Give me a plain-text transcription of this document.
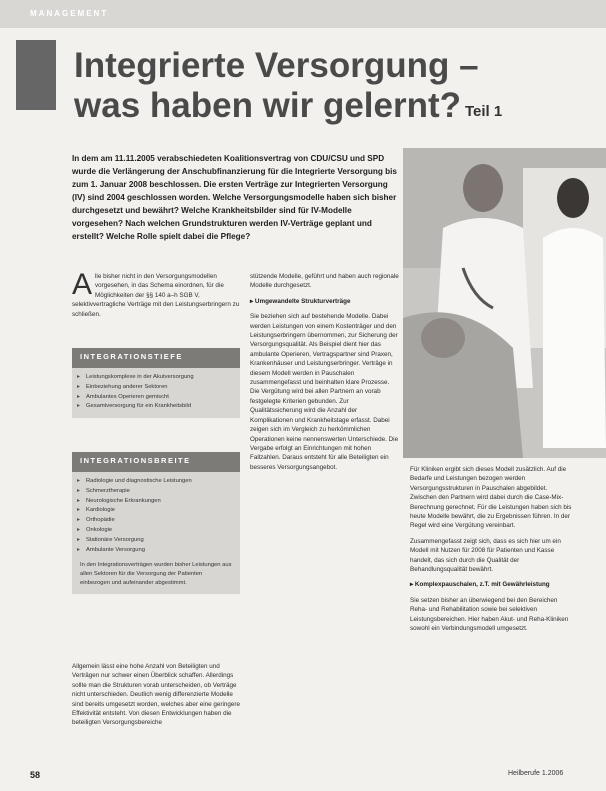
MANAGEMENT
Integrierte Versorgung –
was haben wir gelernt? Teil 1
In dem am 11.11.2005 verabschiedeten Koalitionsvertrag von CDU/CSU und SPD wurde die Verlängerung der Anschubfinanzierung für die Integrierte Versorgung bis zum 1. Januar 2008 beschlossen. Die ersten Verträge zur Integrierten Versorgung (IV) sind 2004 geschlossen worden. Welche Versorgungsmodelle haben sich bisher durchgesetzt und bewährt? Welche Krankheitsbilder sind für IV-Modelle vorgesehen? Nach welchen Grundstrukturen werden IV-Verträge geplant und erstellt? Welche Rolle spielt dabei die Pflege?
A lle bisher nicht in den Versorgungsmodellen vorgesehen, in das Schema einordnen, für die Möglichkeiten der §§ 140 a–h SGB V, selektivvertragliche Verträge mit den Leistungserbringern zu schließen.
INTEGRATIONSTIEFE
▸ Leistungskomplexe in der Akutversorgung
▸ Einbeziehung anderer Sektoren
▸ Ambulantes Operieren gemischt
▸ Gesamtversorgung für ein Krankheitsbild
INTEGRATIONSBREITE
▸ Radiologie und diagnostische Leistungen
▸ Schmerztherapie
▸ Neurologische Erkrankungen
▸ Kardiologie
▸ Orthopädie
▸ Onkologie
▸ Stationäre Versorgung
▸ Ambulante Versorgung
In den Integrationsverträgen wurden bisher Leistungen aus allen Sektoren für die Versorgung der Patienten einbezogen und aufeinander abgestimmt.
Allgemein lässt eine hohe Anzahl von Beteiligten und Verträgen nur schwer einen Überblick schaffen. Allerdings sollte man die Strukturen vorab unterscheiden, ob Verträge nicht unterschieden. Deutlich wenig differenzierte Modelle sind bereits umgesetzt worden, welches aber eine geringere Effektivität entsteht. Von diesen Entwicklungen haben die beteiligten Versorgungsbereiche

stützende Modelle, geführt und haben auch regionale Modelle durchgesetzt.

▸ Umgewandelte Strukturverträge

Sie beziehen sich auf bestehende Modelle. Dabei werden Leistungen von einem Kostenträger und den Leistungserbringern übernommen, zur Sicherung der Versorgungsqualität. Als Beispiel dient hier das ambulante Operieren, Vertragspartner sind Praxen, Krankenhäuser und Leistungserbringer. Verträge in diesem Modell werden in Pauschalen zusammengefasst und beinhalten klare Prozesse. Die Vergütung wird bei allen Partnern an vorab festgelegte Kriterien gebunden. Zur Qualitätssicherung wird die Anzahl der Komplikationen und Krankheitstage erfasst. Dabei zeigen sich im Vergleich zu herkömmlichen Operationen keine nennenswerten Unterschiede. Die Vergabe erfolgt an Einrichtungen mit hohen Fallzahlen. Daraus entsteht für alle Beteiligten ein besseres Versorgungsangebot.	Für Kliniken ergibt sich dieses Modell zusätzlich. Auf die Bedarfe und Leistungen bezogen werden Versorgungsstrukturen in Pauschalen abgebildet. Zwischen den Partnern wird dabei durch die Case-Mix-Berechnung gerechnet. Für die Leistungen haben sich bis heute Modelle bewährt, die zu Ergebnissen führen. In der Regel wird eine Vergütung vereinbart.

Zusammengefasst zeigt sich, dass es sich hier um ein Modell mit Nutzen für 2008 für Patienten und Kasse handelt, das sich durch die Qualität der Behandlungsqualität bewährt.

▸ Komplexpauschalen, z.T. mit Gewährleistung

Sie setzen bisher an überwiegend bei den Bereichen Reha- und Rehabilitation sowie bei selektiven Leistungsbereichen. Hier haben Akut- und Reha-Kliniken sowohl ein Verbindungsmodell umgesetzt.

58	Heilberufe 1.2006
